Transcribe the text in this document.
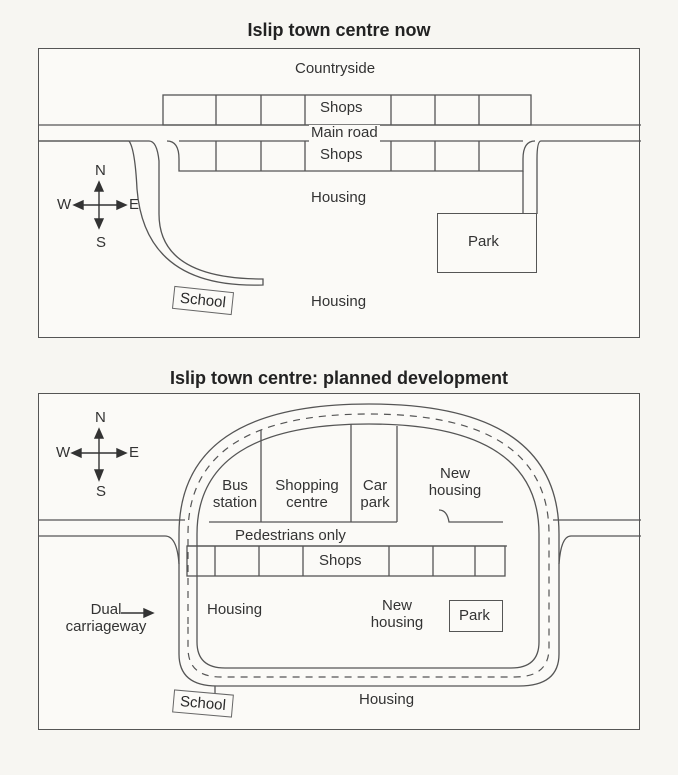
Islip town centre now
Countryside
Shops
Main road
Shops
Housing
Housing
Park
School
N
S
E
W
Islip town centre: planned development
N
S
E
W
Bus station
Shopping centre
Car park
New housing
Pedestrians only
Shops
Dual carriageway
Housing	New housing	Park
School	Housing
